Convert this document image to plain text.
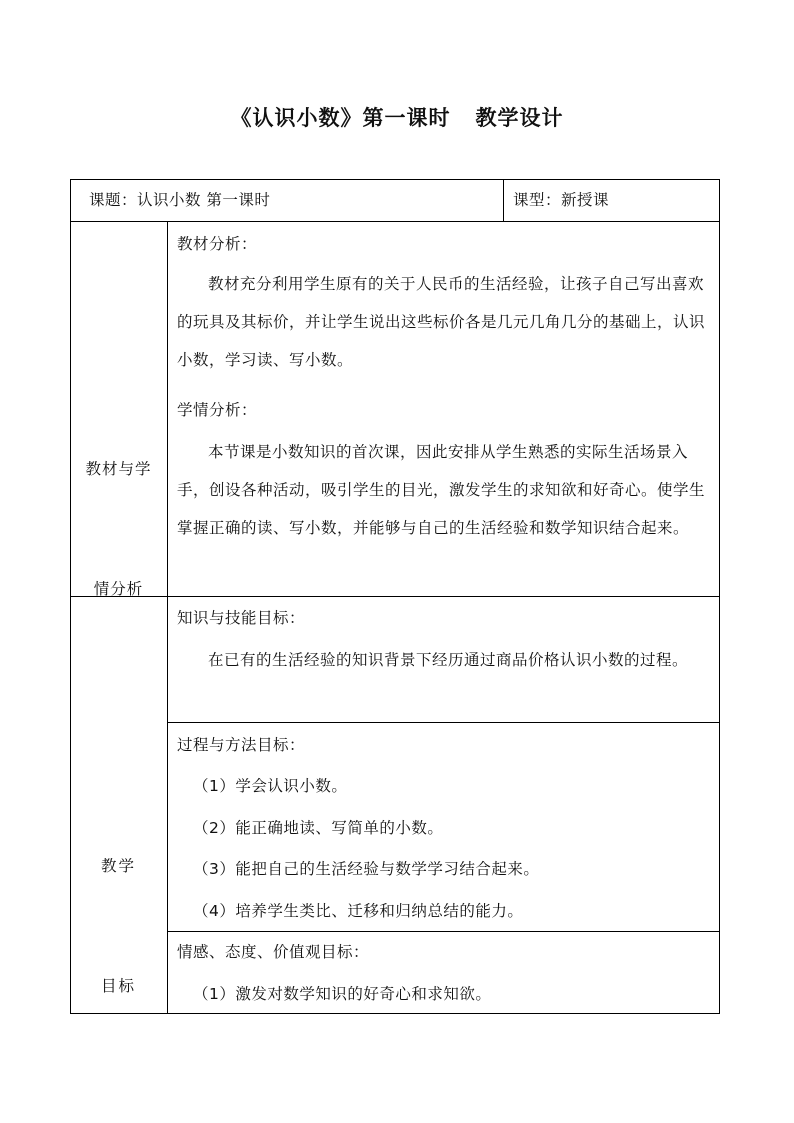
《认识小数》第一课时   教学设计
课题：认识小数 第一课时	课型：新授课

教材与学

情分析

教材分析：
教材充分利用学生原有的关于人民币的生活经验，让孩子自己写出喜欢的玩具及其标价，并让学生说出这些标价各是几元几角几分的基础上，认识小数，学习读、写小数。
学情分析：
本节课是小数知识的首次课，因此安排从学生熟悉的实际生活场景入手，创设各种活动，吸引学生的目光，激发学生的求知欲和好奇心。使学生掌握正确的读、写小数，并能够与自己的生活经验和数学知识结合起来。

教学

目标

知识与技能目标：
在已有的生活经验的知识背景下经历通过商品价格认识小数的过程。
过程与方法目标：
（1）学会认识小数。
（2）能正确地读、写简单的小数。
（3）能把自己的生活经验与数学学习结合起来。
（4）培养学生类比、迁移和归纳总结的能力。
情感、态度、价值观目标：
（1）激发对数学知识的好奇心和求知欲。
